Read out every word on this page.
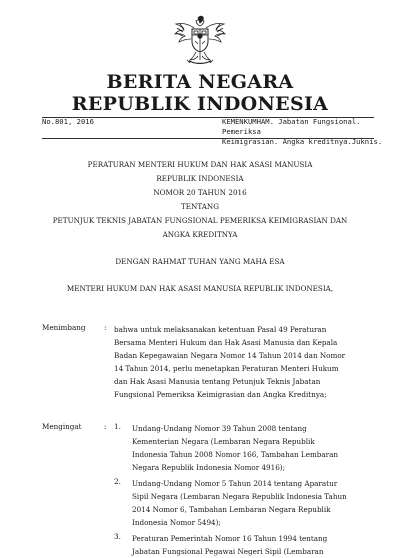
BERITA NEGARA
REPUBLIK INDONESIA
No.801, 2016	KEMENKUMHAM. Jabatan Fungsional. Pemeriksa
Keimigrasian. Angka kreditnya.Juknis.
PERATURAN MENTERI HUKUM DAN HAK ASASI MANUSIA
REPUBLIK INDONESIA
NOMOR 20 TAHUN 2016
TENTANG
PETUNJUK TEKNIS JABATAN FUNGSIONAL PEMERIKSA KEIMIGRASIAN DAN
ANGKA KREDITNYA
DENGAN RAHMAT TUHAN YANG MAHA ESA
MENTERI HUKUM DAN HAK ASASI MANUSIA REPUBLIK INDONESIA,
Menimbang	: bahwa untuk melaksanakan ketentuan Pasal 49 Peraturan
Bersama Menteri Hukum dan Hak Asasi Manusia dan Kepala
Badan Kepegawaian Negara Nomor 14 Tahun 2014 dan Nomor
14 Tahun 2014, perlu menetapkan Peraturan Menteri Hukum
dan Hak Asasi Manusia tentang Petunjuk Teknis Jabatan
Fungsional Pemeriksa Keimigrasian dan Angka Kreditnya;
Mengingat	: 1. Undang-Undang Nomor 39 Tahun 2008 tentang
Kementerian Negara (Lembaran Negara Republik
Indonesia Tahun 2008 Nomor 166, Tambahan Lembaran
Negara Republik Indonesia Nomor 4916);
2. Undang-Undang Nomor 5 Tahun 2014 tentang Aparatur
Sipil Negara (Lembaran Negara Republik Indonesia Tahun
2014 Nomor 6, Tambahan Lembaran Negara Republik
Indonesia Nomor 5494);
3. Peraturan Pemerintah Nomor 16 Tahun 1994 tentang
Jabatan Fungsional Pegawai Negeri Sipil (Lembaran
